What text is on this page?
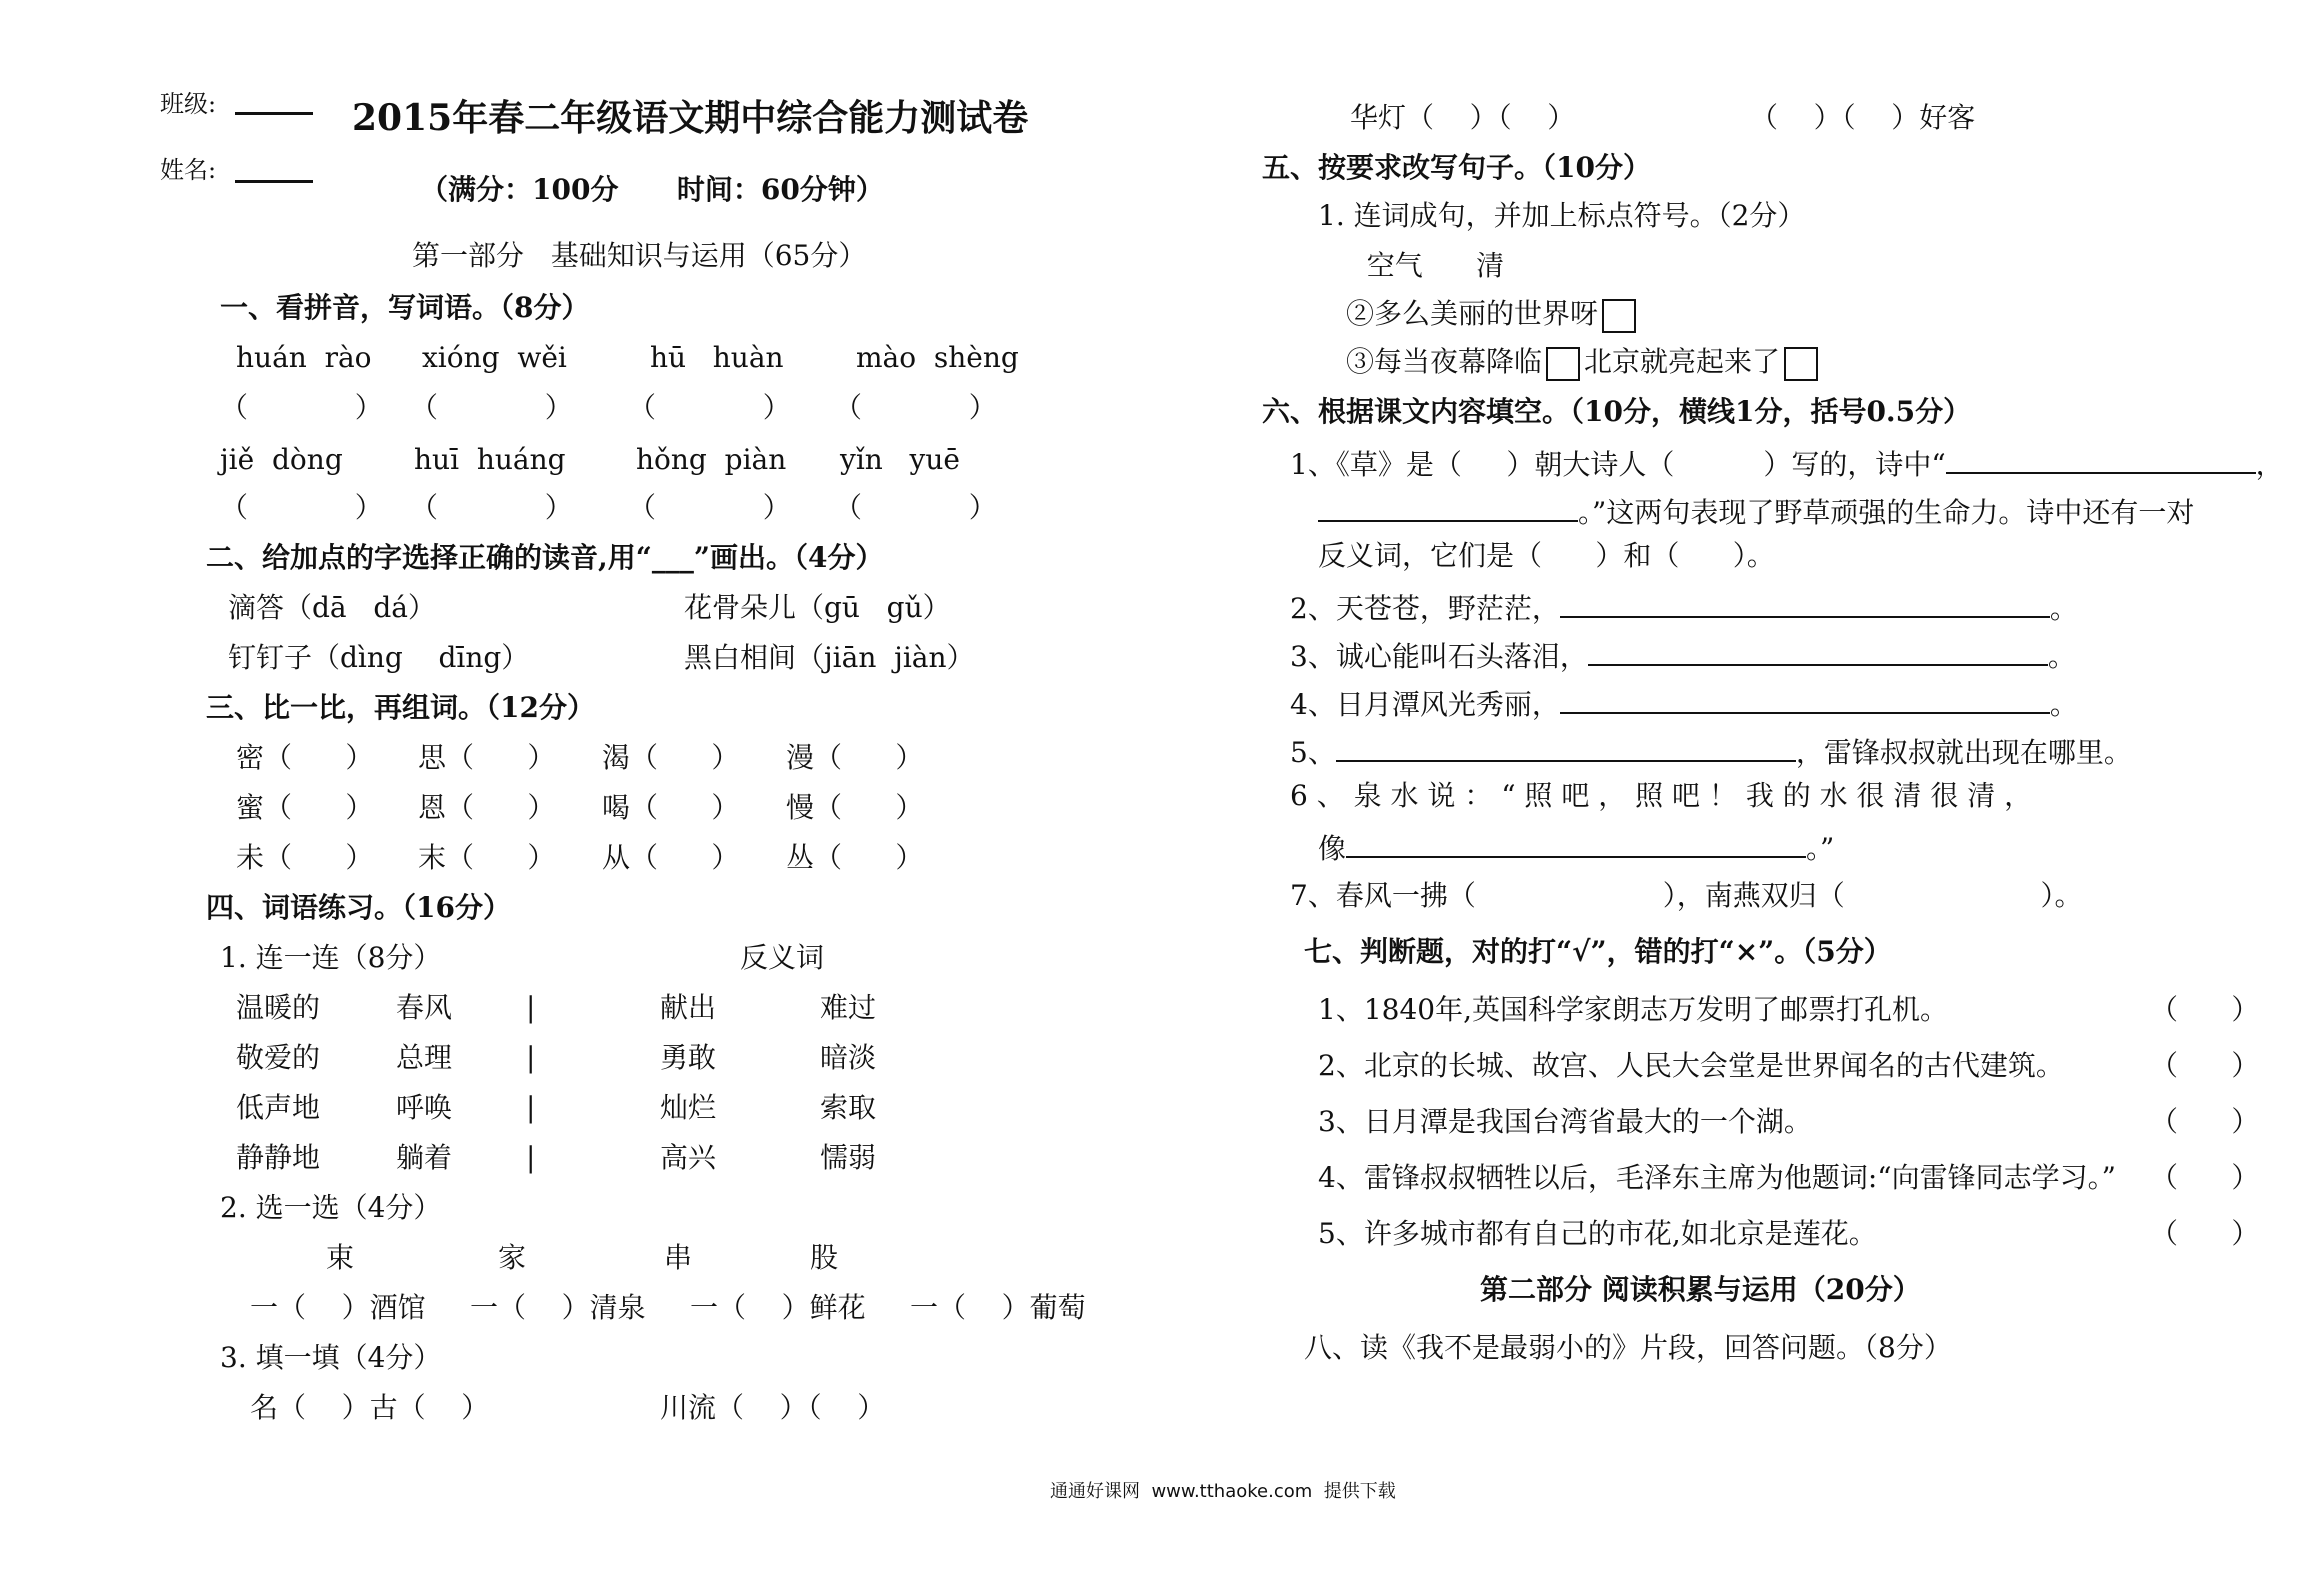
班级:
姓名:
2015年春二年级语文期中综合能力测试卷
（满分：100分      时间：60分钟）
第一部分   基础知识与运用（65分）
一、看拼音，写词语。（8分）
huán  rào xióng  wěi	hū   huàn	mào  shèng
（            ） （            ） （            ） （            ）
jiě  dòng	huī  huáng	hǒng  piàn yǐn   yuē
（            ） （            ） （            ） （            ）
二、给加点的字选择正确的读音,用“___”画出。（4分）
滴答（dā   dá）	花骨朵儿（gū   gǔ）
钉钉子（dìng    dīng）	黑白相间（jiān  jiàn）
三、比一比，再组词。（12分）
密（      ） 思（      ） 渴（      ） 漫（      ）
蜜（      ） 恩（      ） 喝（      ） 慢（      ）
未（      ） 末（      ） 从（      ） 丛（      ）
四、词语练习。（16分）
1. 连一连（8分）	反义词
温暖的	春风	|	献出	难过
敬爱的	总理	|	勇敢	暗淡
低声地	呼唤	|	灿烂	索取
静静地	躺着	|	高兴	懦弱
2. 选一选（4分）
束	家	串	股
一（    ）酒馆 一（    ）清泉 一（    ）鲜花 一（    ）葡萄
3. 填一填（4分）
名（    ）古（    ）	川流（    ）（    ）
华灯（    ）（    ）	（    ）（    ）好客
五、按要求改写句子。（10分）
1. 连词成句，并加上标点符号。（2分）
空气      清
②多么美丽的世界呀
③每当夜幕降临 北京就亮起来了
六、根据课文内容填空。（10分，横线1分，括号0.5分）
1、《草》是（     ）朝大诗人（          ）写的，诗中“	，
。”这两句表现了野草顽强的生命力。诗中还有一对
反义词，它们是（      ）和（      ）。
2、天苍苍，野茫茫，	。
3、诚心能叫石头落泪，	。
4、日月潭风光秀丽，	。
5、	，雷锋叔叔就出现在哪里。
6 、 泉 水 说 ： “ 照 吧 ， 照 吧 ！ 我 的 水 很 清 很 清 ，
像	。”
7、春风一拂（                     ），南燕双归（                      ）。
七、判断题，对的打“√”，错的打“×”。（5分）
1、1840年,英国科学家朗志万发明了邮票打孔机。	（      ）
2、北京的长城、故宫、人民大会堂是世界闻名的古代建筑。	（      ）
3、日月潭是我国台湾省最大的一个湖。	（      ）
4、雷锋叔叔牺牲以后，毛泽东主席为他题词:“向雷锋同志学习。” （      ）
5、许多城市都有自己的市花,如北京是莲花。	（      ）
第二部分 阅读积累与运用（20分）
八、读《我不是最弱小的》片段，回答问题。（8分）
通通好课网  www.tthaoke.com  提供下载
